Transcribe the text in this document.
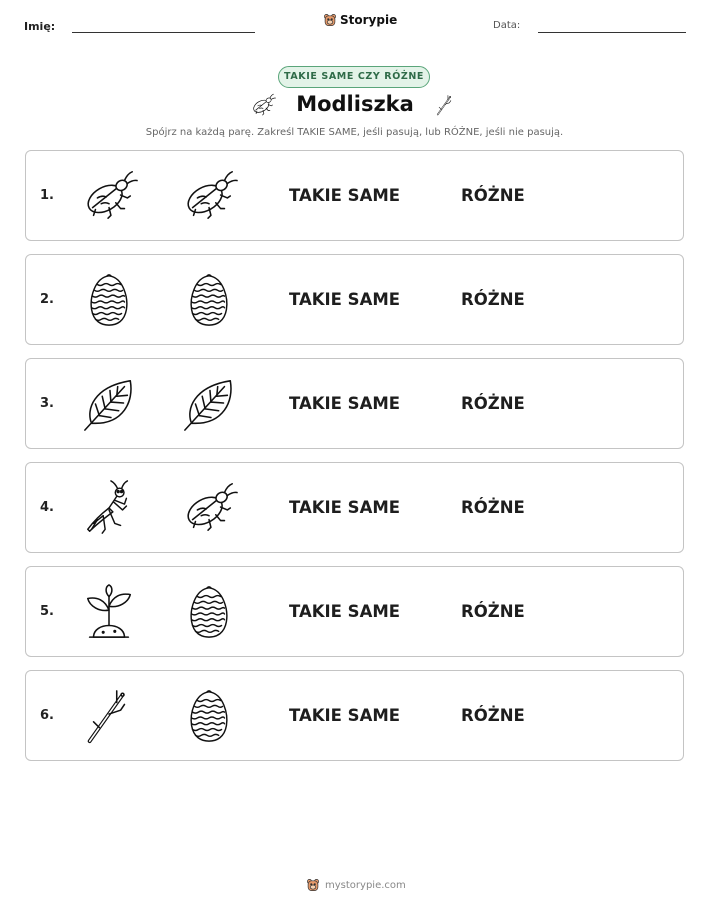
Imię:	Storypie	Data:
TAKIE SAME CZY RÓŻNE
Modliszka
Spójrz na każdą parę. Zakreśl TAKIE SAME, jeśli pasują, lub RÓŻNE, jeśli nie pasują.
1.	TAKIE SAME	RÓŻNE
2.	TAKIE SAME	RÓŻNE
3.	TAKIE SAME	RÓŻNE
4.	TAKIE SAME	RÓŻNE
5.	TAKIE SAME	RÓŻNE
6.	TAKIE SAME	RÓŻNE
mystorypie.com
